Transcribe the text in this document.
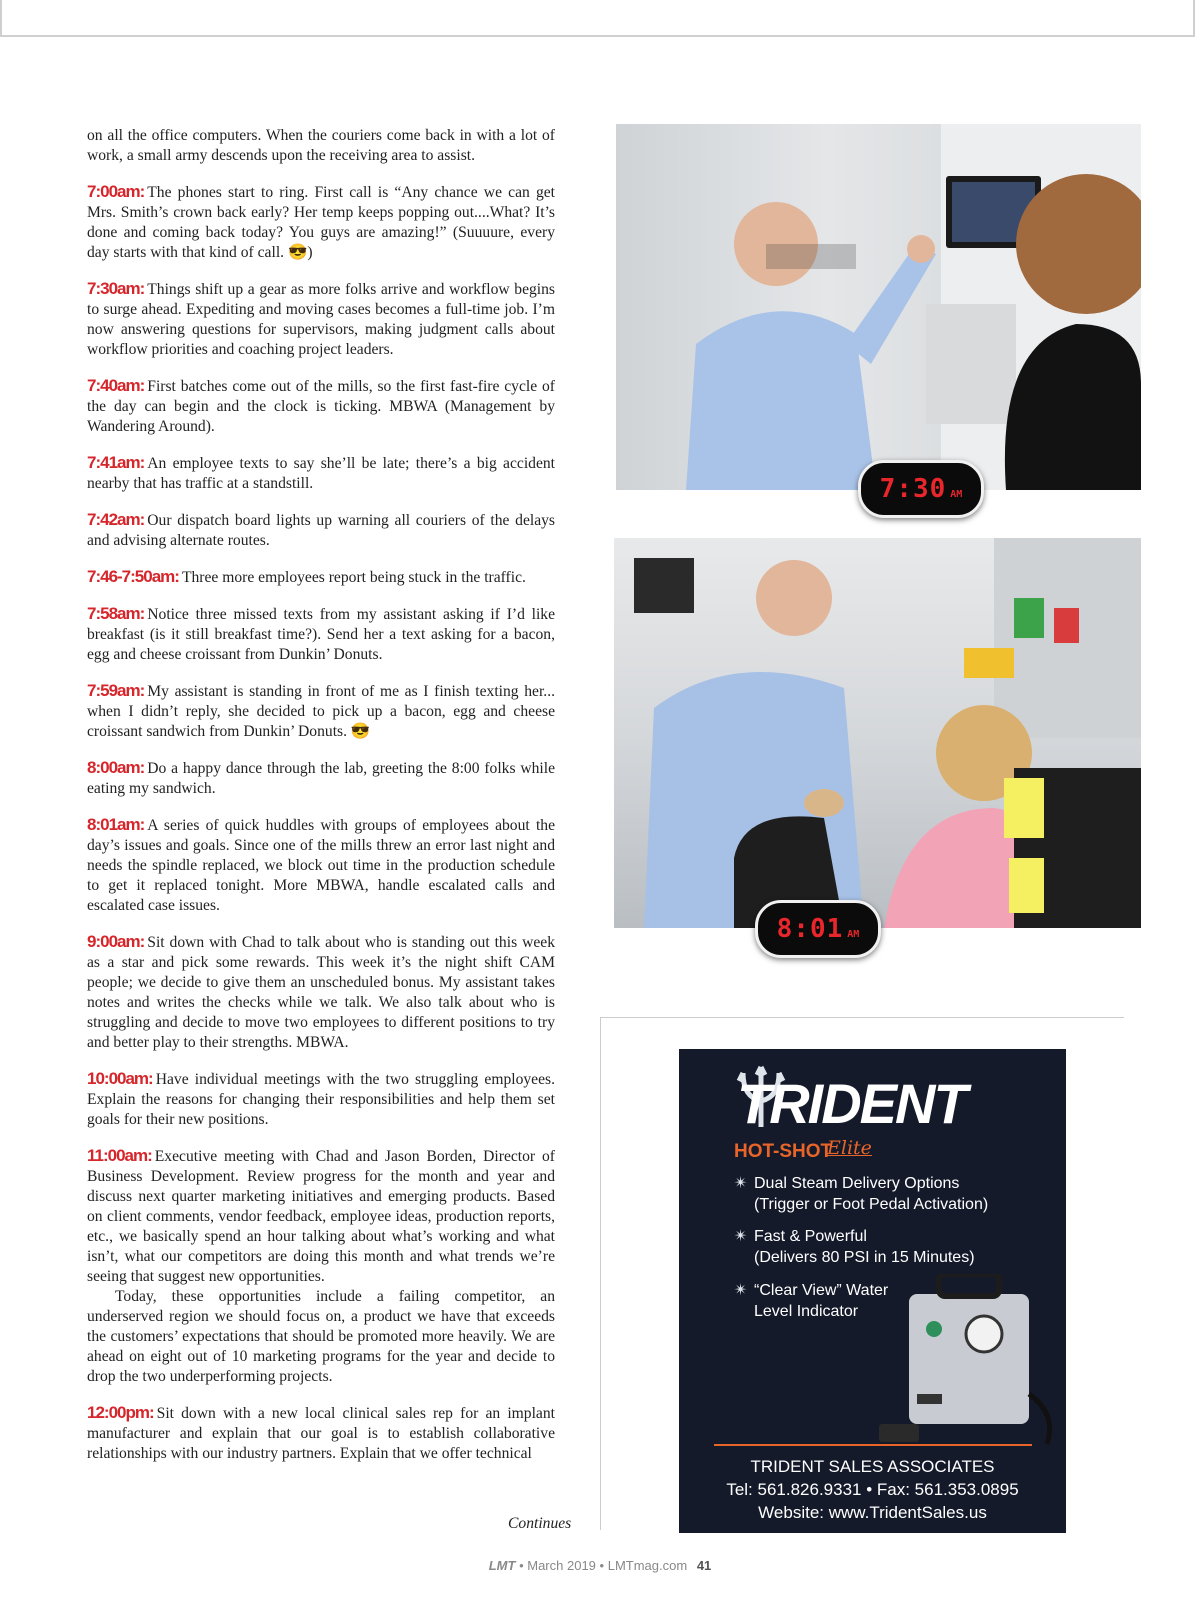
on all the office computers. When the couriers come back in with a lot of work, a small army descends upon the receiving area to assist.

7:00am: The phones start to ring. First call is “Any chance we can get Mrs. Smith’s crown back early? Her temp keeps popping out....What? It’s done and coming back today? You guys are amazing!” (Suuuure, every day starts with that kind of call. 😎)

7:30am: Things shift up a gear as more folks arrive and workflow begins to surge ahead. Expediting and moving cases becomes a full-time job. I’m now answering questions for supervisors, making judgment calls about workflow priorities and coaching project leaders.

7:40am: First batches come out of the mills, so the first fast-fire cycle of the day can begin and the clock is ticking. MBWA (Management by Wandering Around).

7:41am: An employee texts to say she’ll be late; there’s a big accident nearby that has traffic at a standstill.

7:42am: Our dispatch board lights up warning all couriers of the delays and advising alternate routes.

7:46-7:50am: Three more employees report being stuck in the traffic.

7:58am: Notice three missed texts from my assistant asking if I’d like breakfast (is it still breakfast time?). Send her a text asking for a bacon, egg and cheese croissant from Dunkin’ Donuts.

7:59am: My assistant is standing in front of me as I finish texting her... when I didn’t reply, she decided to pick up a bacon, egg and cheese croissant sandwich from Dunkin’ Donuts. 😎

8:00am: Do a happy dance through the lab, greeting the 8:00 folks while eating my sandwich.

8:01am: A series of quick huddles with groups of employees about the day’s issues and goals. Since one of the mills threw an error last night and needs the spindle replaced, we block out time in the production schedule to get it replaced tonight. More MBWA, handle escalated calls and escalated case issues.

9:00am: Sit down with Chad to talk about who is standing out this week as a star and pick some rewards. This week it’s the night shift CAM people; we decide to give them an unscheduled bonus. My assistant takes notes and writes the checks while we talk. We also talk about who is struggling and decide to move two employees to different positions to try and better play to their strengths. MBWA.

10:00am: Have individual meetings with the two struggling employees. Explain the reasons for changing their responsibilities and help them set goals for their new positions.

11:00am: Executive meeting with Chad and Jason Borden, Director of Business Development. Review progress for the month and year and discuss next quarter marketing initiatives and emerging products. Based on client comments, vendor feedback, employee ideas, production reports, etc., we basically spend an hour talking about what’s working and what isn’t, what our competitors are doing this month and what trends we’re seeing that suggest new opportunities.

Today, these opportunities include a failing competitor, an underserved region we should focus on, a product we have that exceeds the customers’ expectations that should be promoted more heavily. We are ahead on eight out of 10 marketing programs for the year and decide to drop the two underperforming projects.

12:00pm: Sit down with a new local clinical sales rep for an implant manufacturer and explain that our goal is to establish collaborative relationships with our industry partners. Explain that we offer technical

Continues
7:30 AM
8:01 AM
TRIDENT
HOT-SHOT
Elite
✴ Dual Steam Delivery Options
(Trigger or Foot Pedal Activation)
✴ Fast & Powerful
(Delivers 80 PSI in 15 Minutes)
✴ “Clear View” Water
Level Indicator
TRIDENT SALES ASSOCIATES
Tel: 561.826.9331 • Fax: 561.353.0895
Website: www.TridentSales.us
LMT • March 2019 • LMTmag.com 41
